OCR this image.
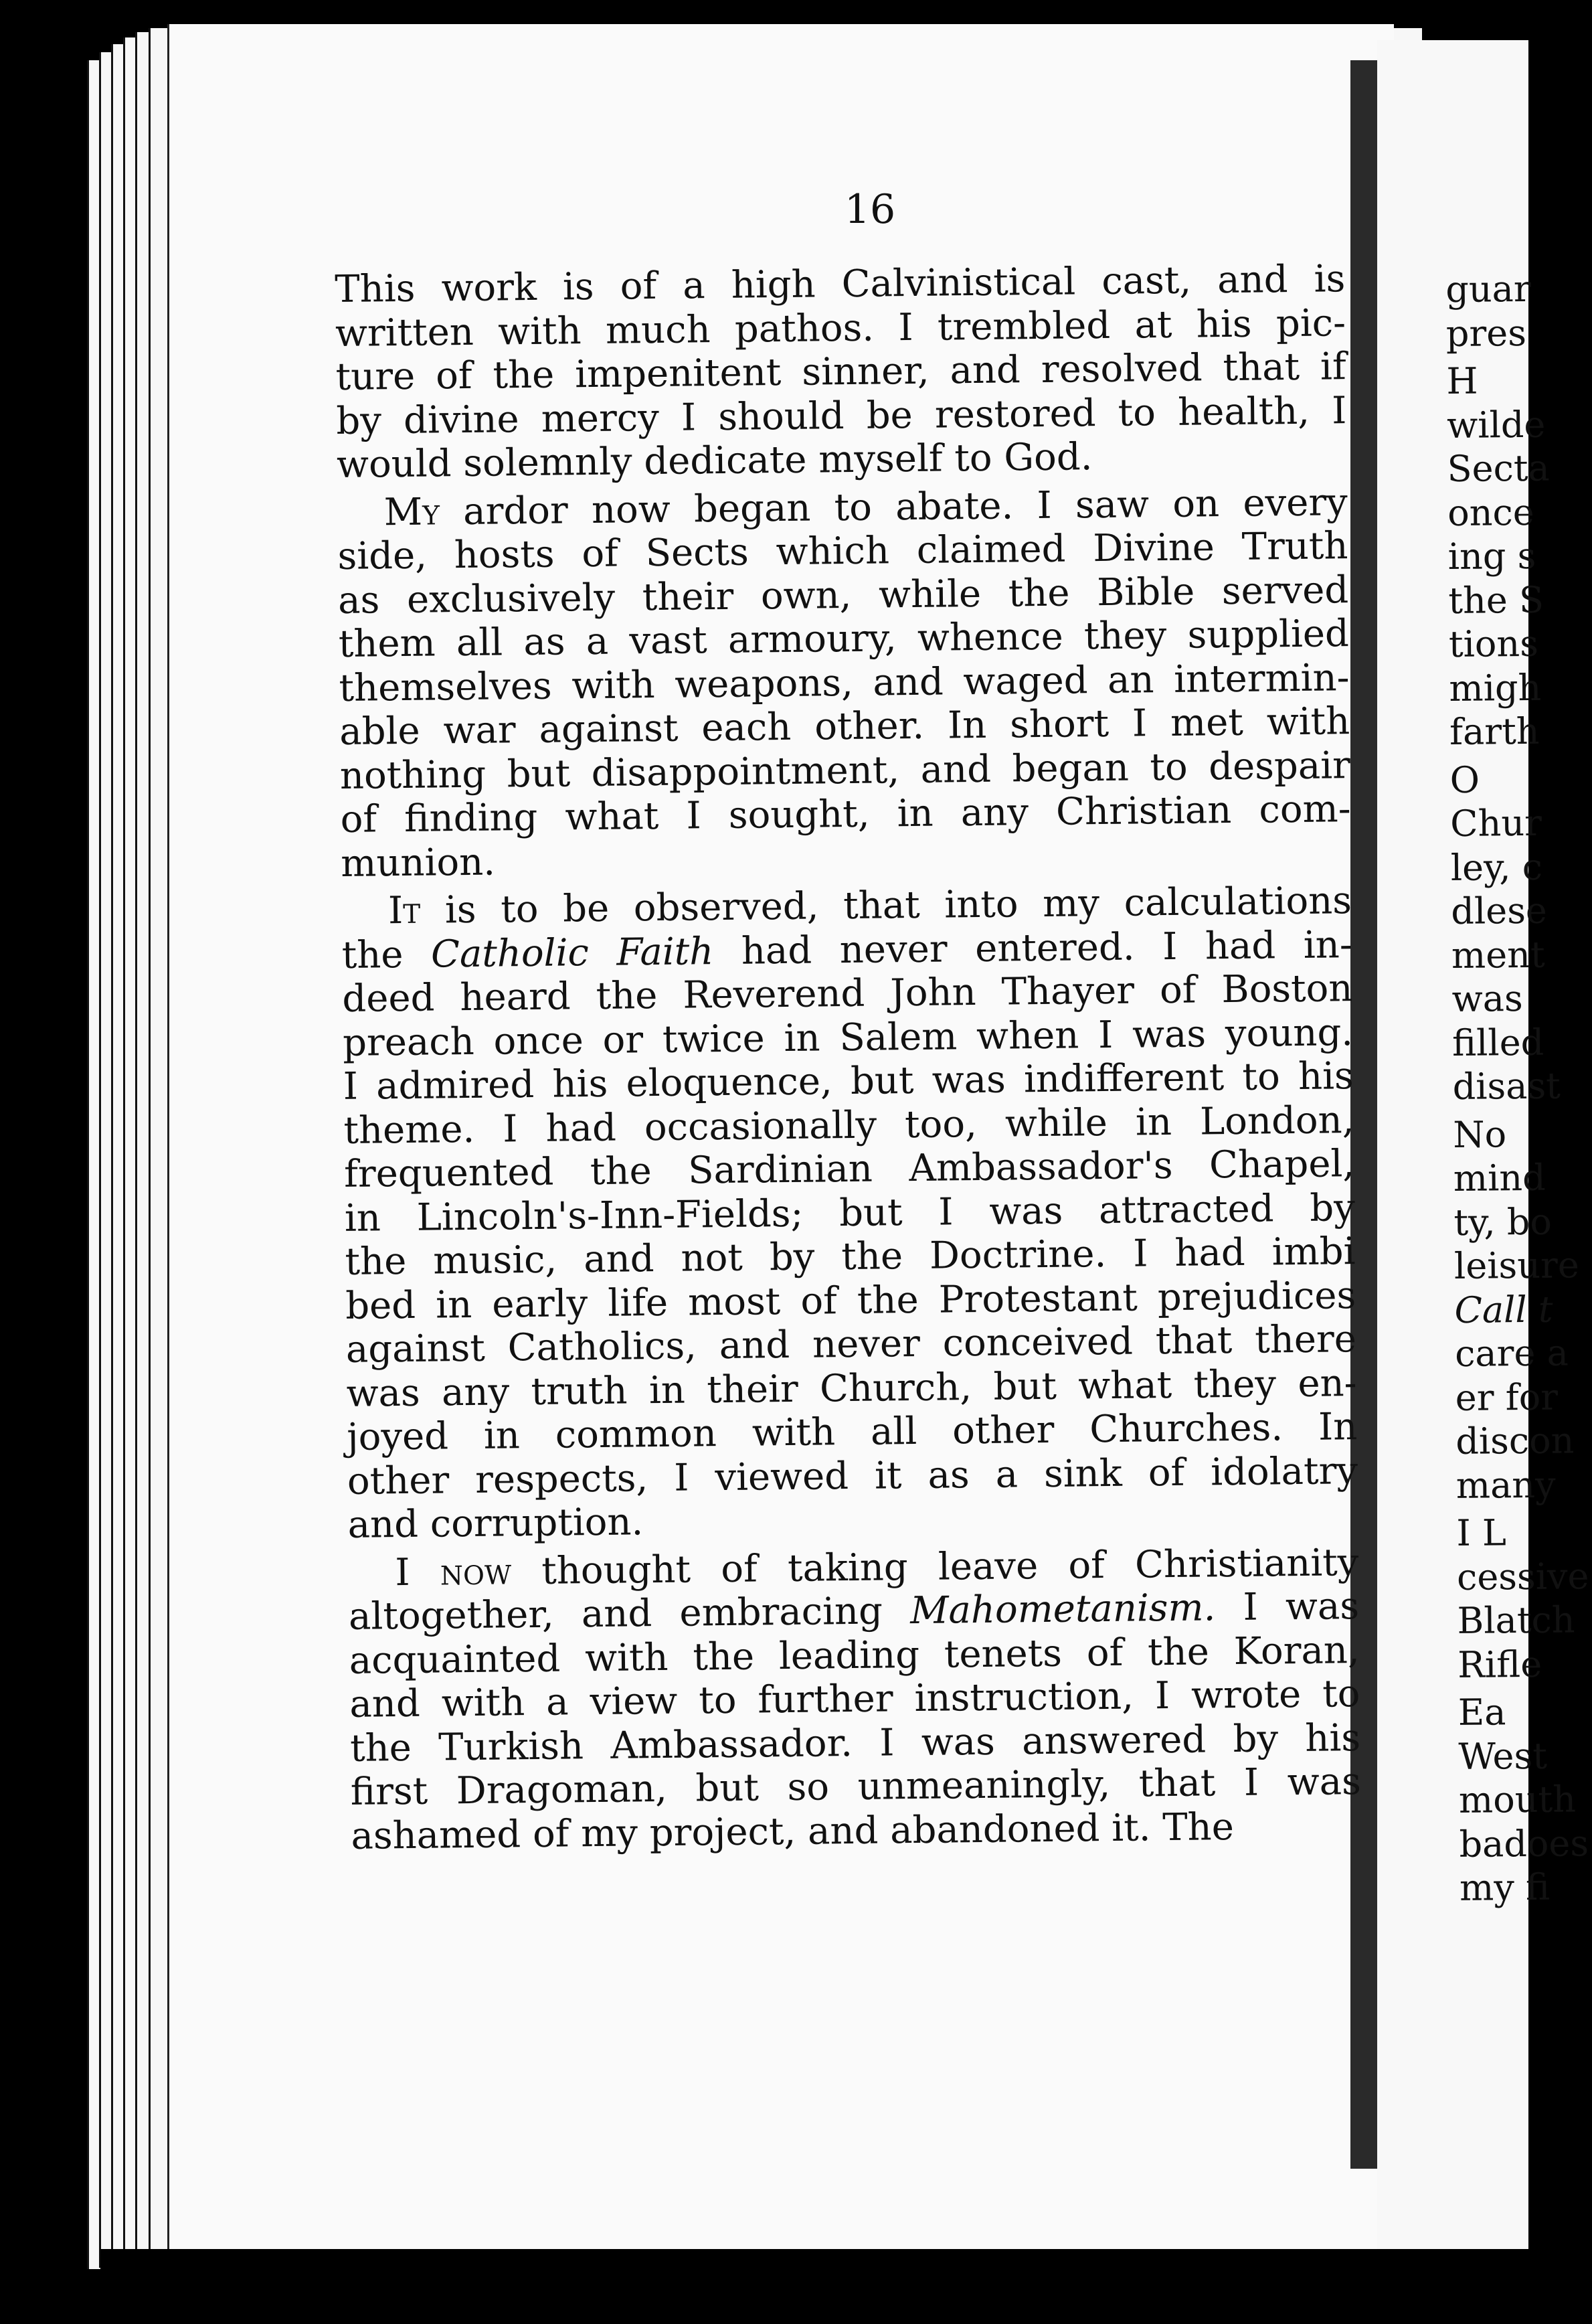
16
This work is of a high Calvinistical cast, and is
written with much pathos. I trembled at his pic-
ture of the impenitent sinner, and resolved that if
by divine mercy I should be restored to health, I
would solemnly dedicate myself to God.
My ardor now began to abate. I saw on every
side, hosts of Sects which claimed Divine Truth
as exclusively their own, while the Bible served
them all as a vast armoury, whence they supplied
themselves with weapons, and waged an intermin-
able war against each other. In short I met with
nothing but disappointment, and began to despair
of finding what I sought, in any Christian com-
munion.
It is to be observed, that into my calculations
the Catholic Faith had never entered. I had in-
deed heard the Reverend John Thayer of Boston
preach once or twice in Salem when I was young.
I admired his eloquence, but was indifferent to his
theme. I had occasionally too, while in London,
frequented the Sardinian Ambassador's Chapel,
in Lincoln's-Inn-Fields; but I was attracted by
the music, and not by the Doctrine. I had imbi
bed in early life most of the Protestant prejudices
against Catholics, and never conceived that there
was any truth in their Church, but what they en-
joyed in common with all other Churches. In
other respects, I viewed it as a sink of idolatry
and corruption.
I now thought of taking leave of Christianity
altogether, and embracing Mahometanism. I was
acquainted with the leading tenets of the Koran,
and with a view to further instruction, I wrote to
the Turkish Ambassador. I was answered by his
first Dragoman, but so unmeaningly, that I was
ashamed of my project, and abandoned it. The
guar
pres
H
wilde
Secta
once
ing s
the S
tions
migh
farth
O
Chur
ley, c
dlese
ment
was
filled
disast
No
mind
ty, bo
leisure
Call t
care a
er for
discon
many
I L
cessive
Blatch
Rifle
Ea
West
mouth
badoes
my fi
